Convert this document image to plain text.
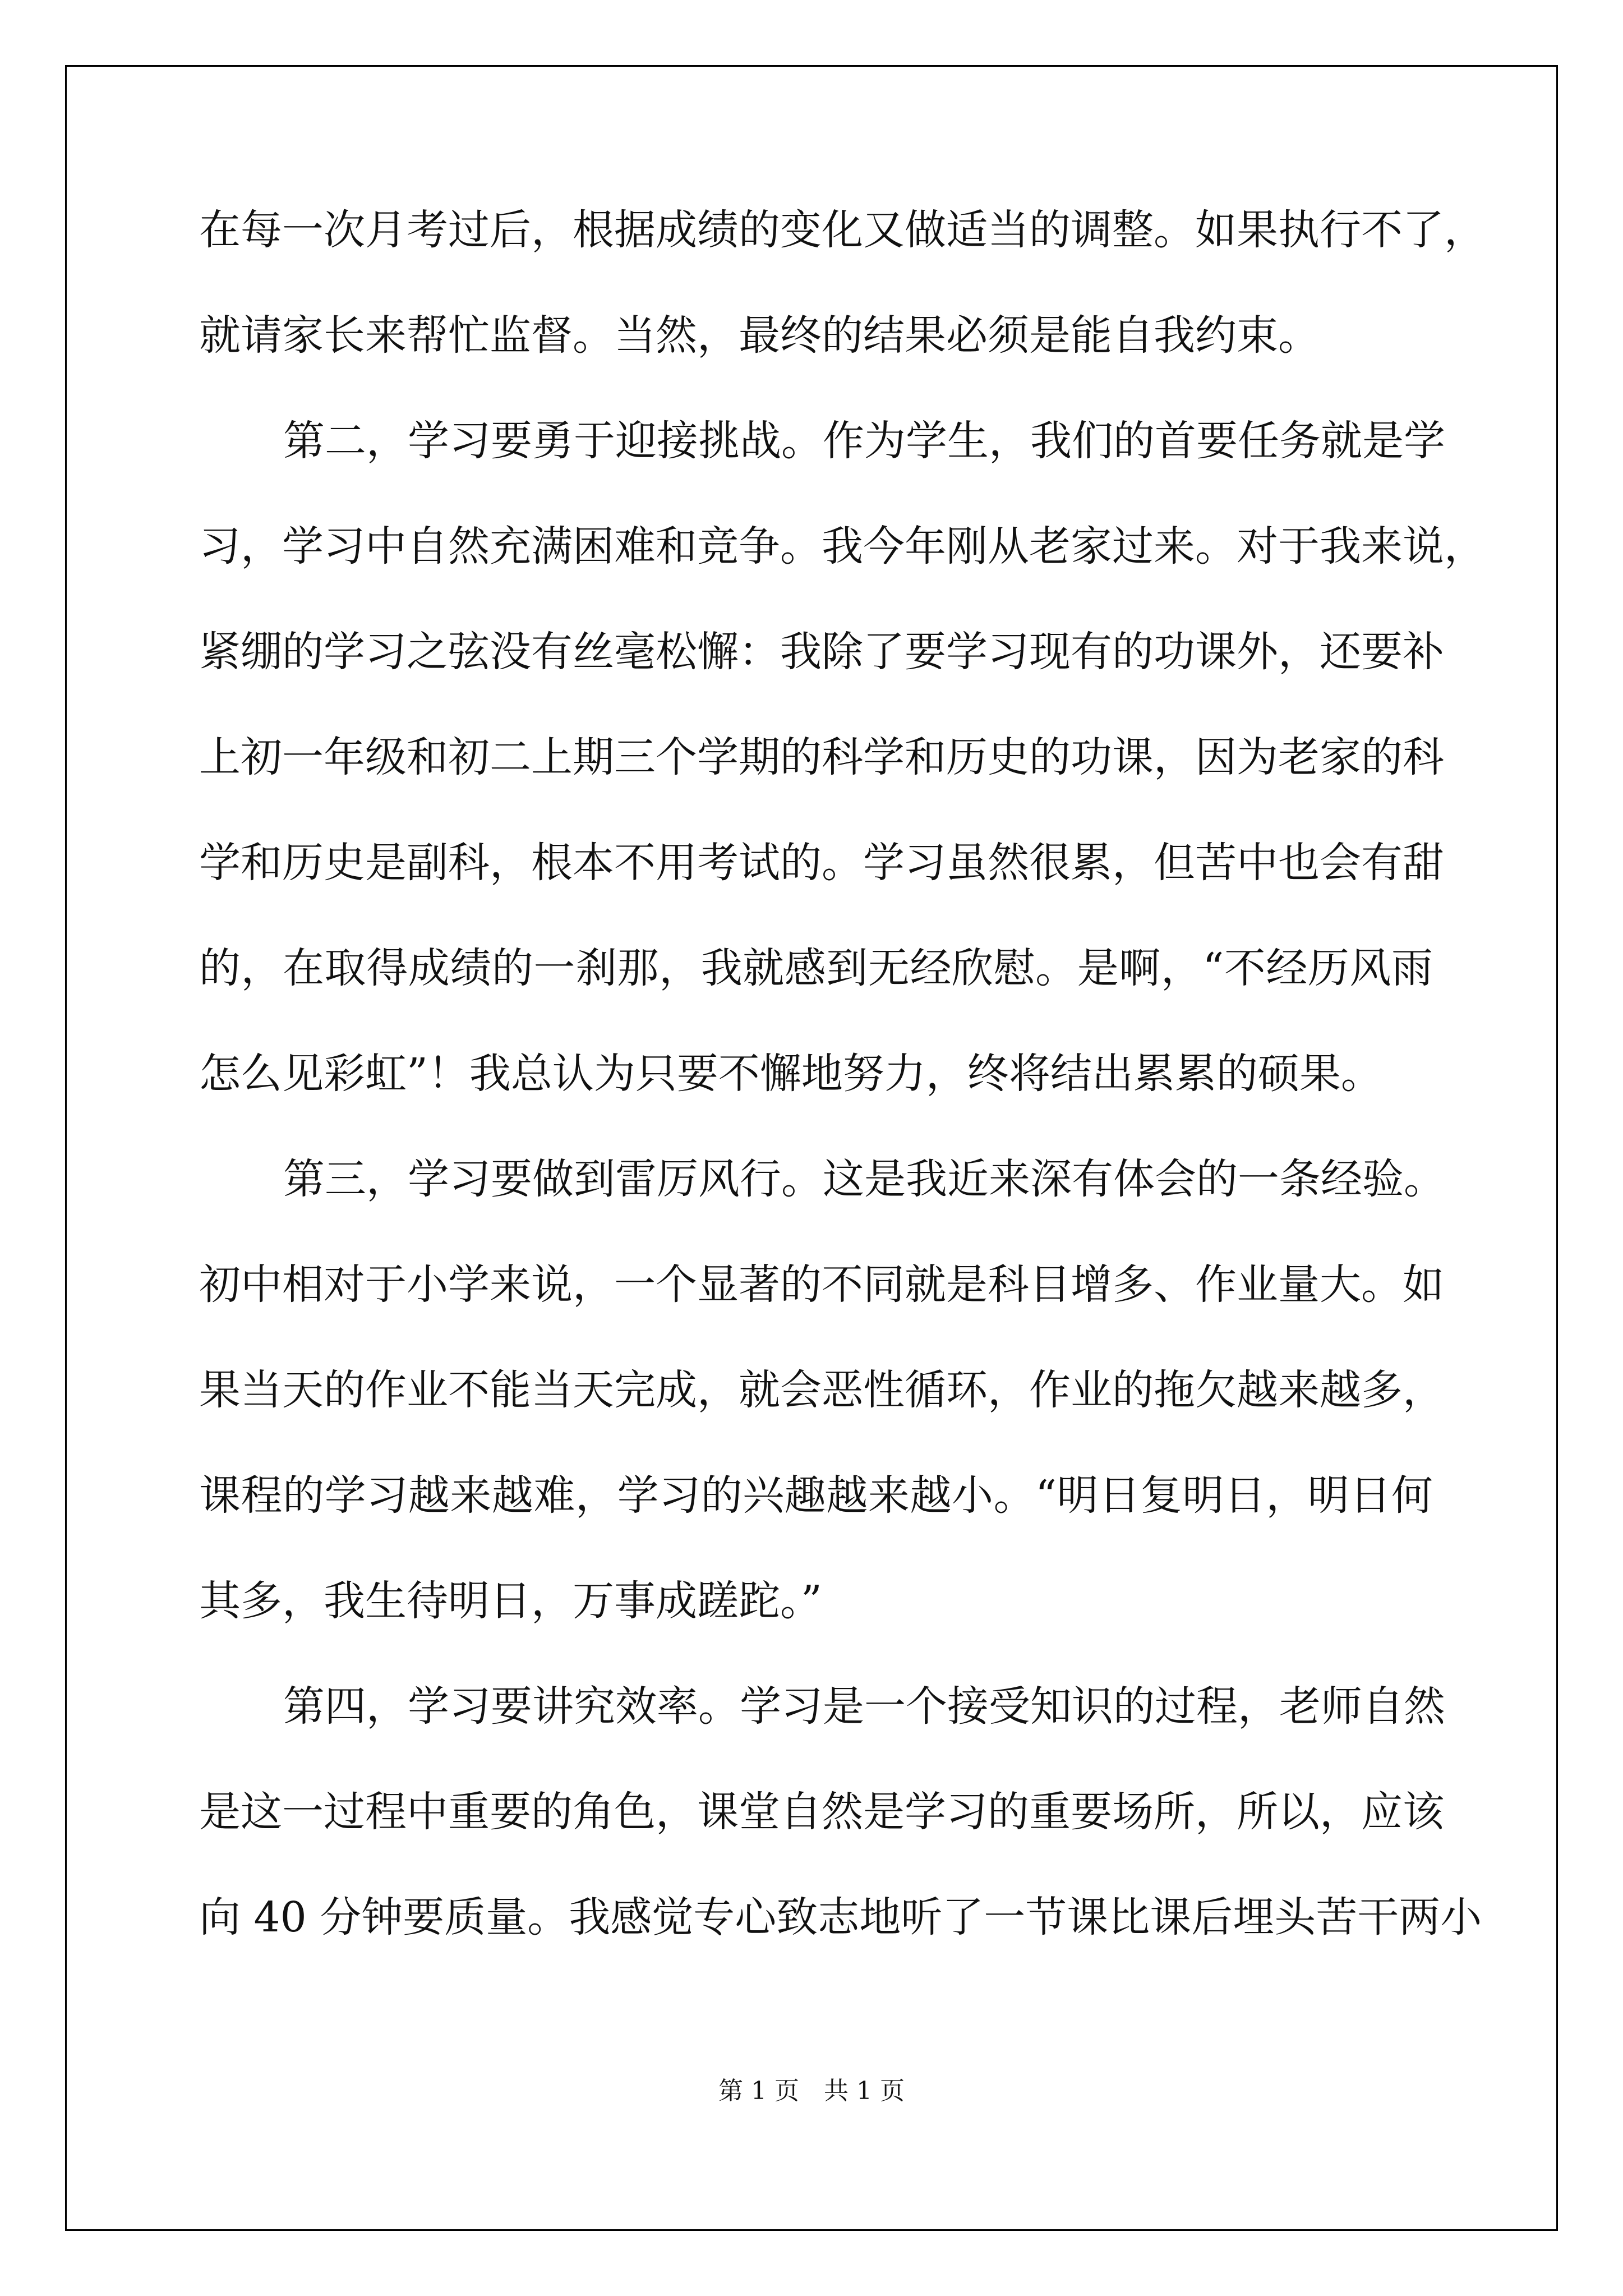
在每一次月考过后，根据成绩的变化又做适当的调整。如果执行不了，

就请家长来帮忙监督。当然，最终的结果必须是能自我约束。

第二，学习要勇于迎接挑战。作为学生，我们的首要任务就是学

习，学习中自然充满困难和竞争。我今年刚从老家过来。对于我来说，

紧绷的学习之弦没有丝毫松懈：我除了要学习现有的功课外，还要补

上初一年级和初二上期三个学期的科学和历史的功课，因为老家的科

学和历史是副科，根本不用考试的。学习虽然很累，但苦中也会有甜

的，在取得成绩的一刹那，我就感到无经欣慰。是啊，“不经历风雨

怎么见彩虹”！我总认为只要不懈地努力，终将结出累累的硕果。

第三，学习要做到雷厉风行。这是我近来深有体会的一条经验。

初中相对于小学来说，一个显著的不同就是科目增多、作业量大。如

果当天的作业不能当天完成，就会恶性循环，作业的拖欠越来越多，

课程的学习越来越难，学习的兴趣越来越小。“明日复明日，明日何

其多，我生待明日，万事成蹉跎。”

第四，学习要讲究效率。学习是一个接受知识的过程，老师自然

是这一过程中重要的角色，课堂自然是学习的重要场所，所以，应该

向 40 分钟要质量。我感觉专心致志地听了一节课比课后埋头苦干两小

第 1 页 共 1 页
